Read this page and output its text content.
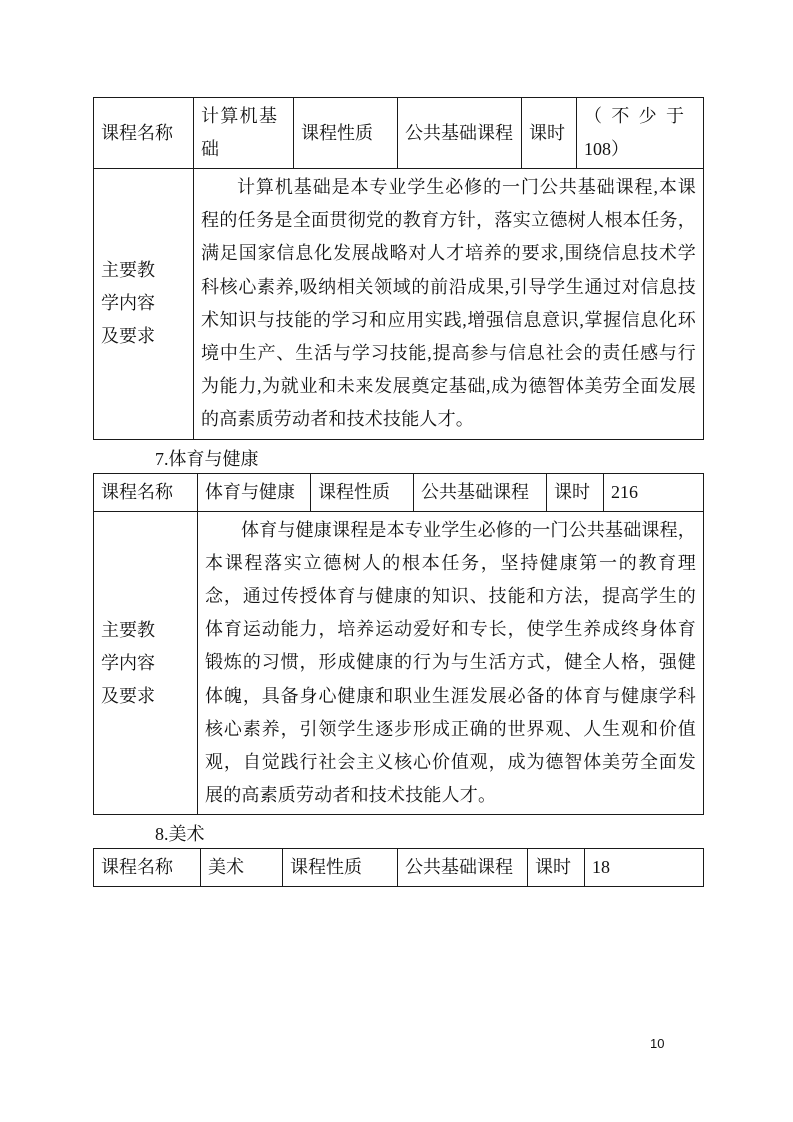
课程名称	计算机基础	课程性质	公共基础课程	课时	（不少于108）

主要教学内容及要求	计算机基础是本专业学生必修的一门公共基础课程,本课程的任务是全面贯彻党的教育方针，落实立德树人根本任务，满足国家信息化发展战略对人才培养的要求,围绕信息技术学科核心素养,吸纳相关领域的前沿成果,引导学生通过对信息技术知识与技能的学习和应用实践,增强信息意识,掌握信息化环境中生产、生活与学习技能,提高参与信息社会的责任感与行为能力,为就业和未来发展奠定基础,成为德智体美劳全面发展的高素质劳动者和技术技能人才。				

7.体育与健康
课程名称	体育与健康	课程性质	公共基础课程	课时	216

主要教学内容及要求	体育与健康课程是本专业学生必修的一门公共基础课程，本课程落实立德树人的根本任务，坚持健康第一的教育理念，通过传授体育与健康的知识、技能和方法，提高学生的体育运动能力，培养运动爱好和专长，使学生养成终身体育锻炼的习惯，形成健康的行为与生活方式，健全人格，强健体魄，具备身心健康和职业生涯发展必备的体育与健康学科核心素养，引领学生逐步形成正确的世界观、人生观和价值观，自觉践行社会主义核心价值观，成为德智体美劳全面发展的高素质劳动者和技术技能人才。				

8.美术
课程名称	美术	课程性质	公共基础课程	课时	18
10
